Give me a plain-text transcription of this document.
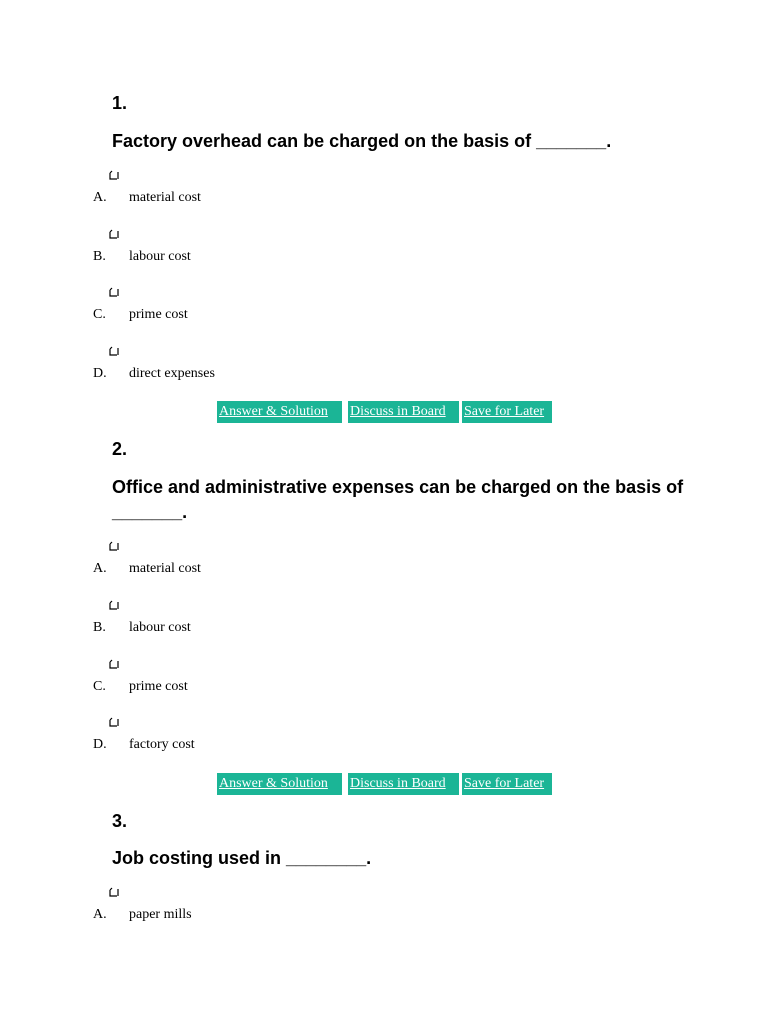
1.
Factory overhead can be charged on the basis of _______.
A. material cost
B. labour cost
C. prime cost
D. direct expenses
Answer & Solution	Discuss in Board	Save for Later
2.
Office and administrative expenses can be charged on the basis of _______.
A. material cost
B. labour cost
C. prime cost
D. factory cost
Answer & Solution	Discuss in Board	Save for Later
3.
Job costing used in ________.
A. paper mills
